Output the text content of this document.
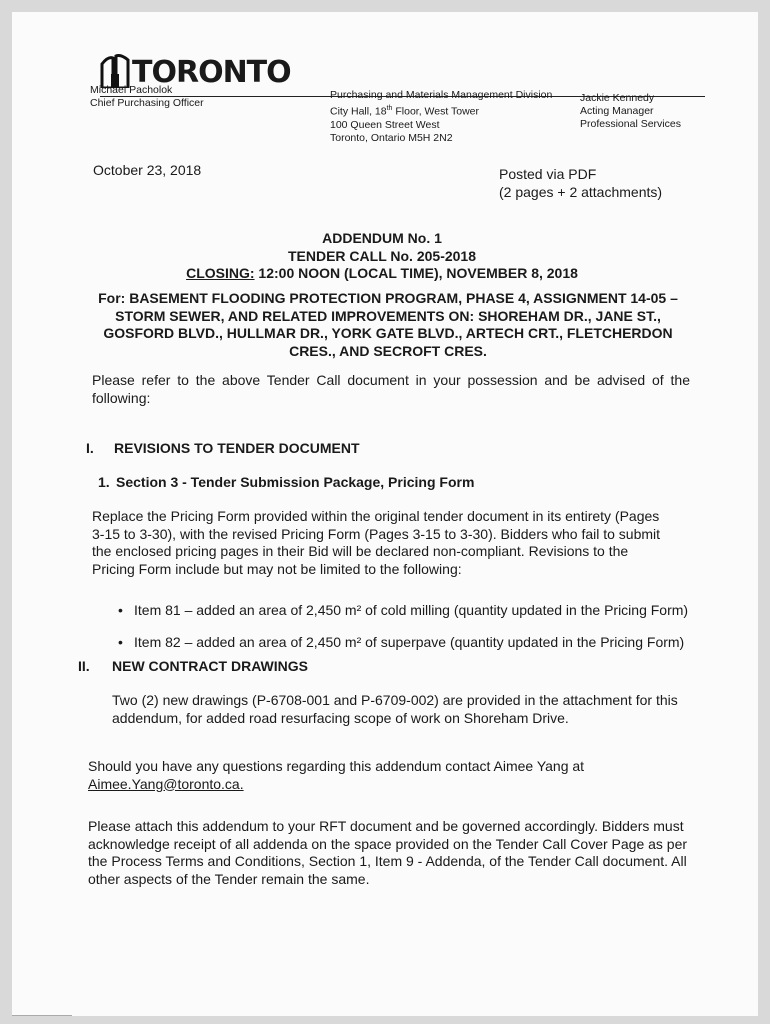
TORONTO
Michael Pacholok
Chief Purchasing Officer
Purchasing and Materials Management Division
City Hall, 18th Floor, West Tower
100 Queen Street West
Toronto, Ontario M5H 2N2
Jackie Kennedy
Acting Manager
Professional Services
October 23, 2018	Posted via PDF
(2 pages + 2 attachments)
ADDENDUM No. 1
TENDER CALL No. 205-2018
CLOSING: 12:00 NOON (LOCAL TIME), NOVEMBER 8, 2018
For: BASEMENT FLOODING PROTECTION PROGRAM, PHASE 4, ASSIGNMENT 14-05 – STORM SEWER, AND RELATED IMPROVEMENTS ON: SHOREHAM DR., JANE ST., GOSFORD BLVD., HULLMAR DR., YORK GATE BLVD., ARTECH CRT., FLETCHERDON CRES., AND SECROFT CRES.
Please refer to the above Tender Call document in your possession and be advised of the following:
I. REVISIONS TO TENDER DOCUMENT
1. Section 3 - Tender Submission Package, Pricing Form
Replace the Pricing Form provided within the original tender document in its entirety (Pages 3-15 to 3-30), with the revised Pricing Form (Pages 3-15 to 3-30). Bidders who fail to submit the enclosed pricing pages in their Bid will be declared non-compliant. Revisions to the Pricing Form include but may not be limited to the following:
• Item 81 – added an area of 2,450 m² of cold milling (quantity updated in the Pricing Form)
• Item 82 – added an area of 2,450 m² of superpave (quantity updated in the Pricing Form)
II. NEW CONTRACT DRAWINGS
Two (2) new drawings (P-6708-001 and P-6709-002) are provided in the attachment for this addendum, for added road resurfacing scope of work on Shoreham Drive.
Should you have any questions regarding this addendum contact Aimee Yang at
Aimee.Yang@toronto.ca.
Please attach this addendum to your RFT document and be governed accordingly. Bidders must acknowledge receipt of all addenda on the space provided on the Tender Call Cover Page as per the Process Terms and Conditions, Section 1, Item 9 - Addenda, of the Tender Call document. All other aspects of the Tender remain the same.
